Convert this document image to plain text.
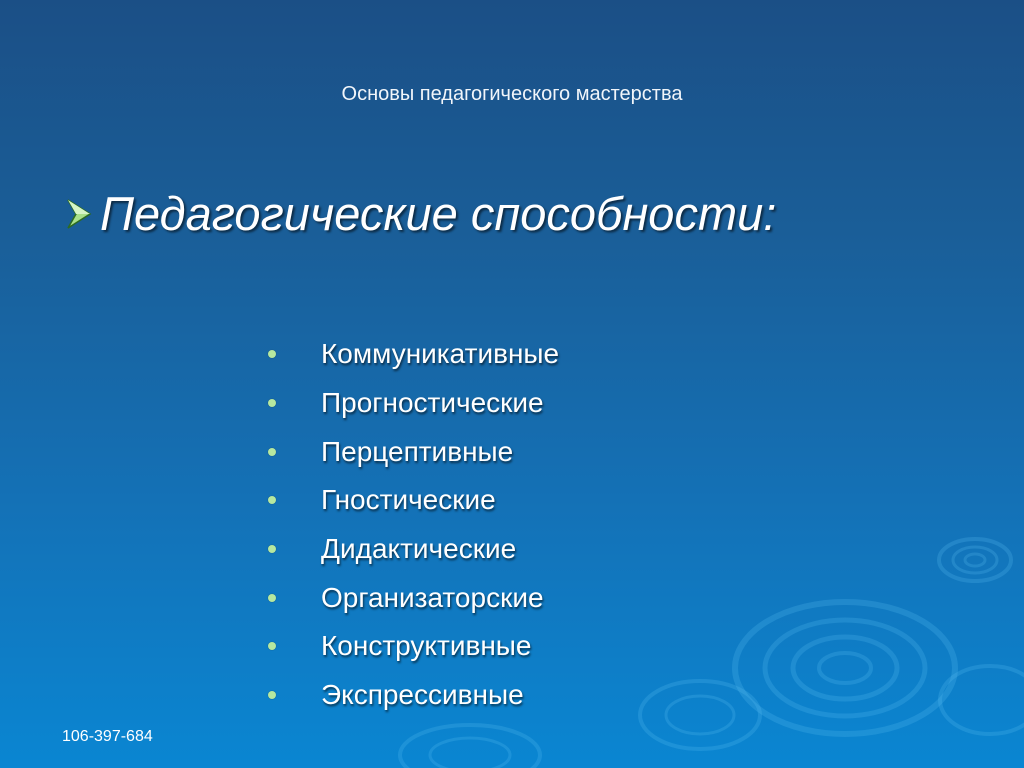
Основы педагогического мастерства
Педагогические способности:
Коммуникативные
Прогностические
Перцептивные
Гностические
Дидактические
Организаторские
Конструктивные
Экспрессивные
106-397-684
